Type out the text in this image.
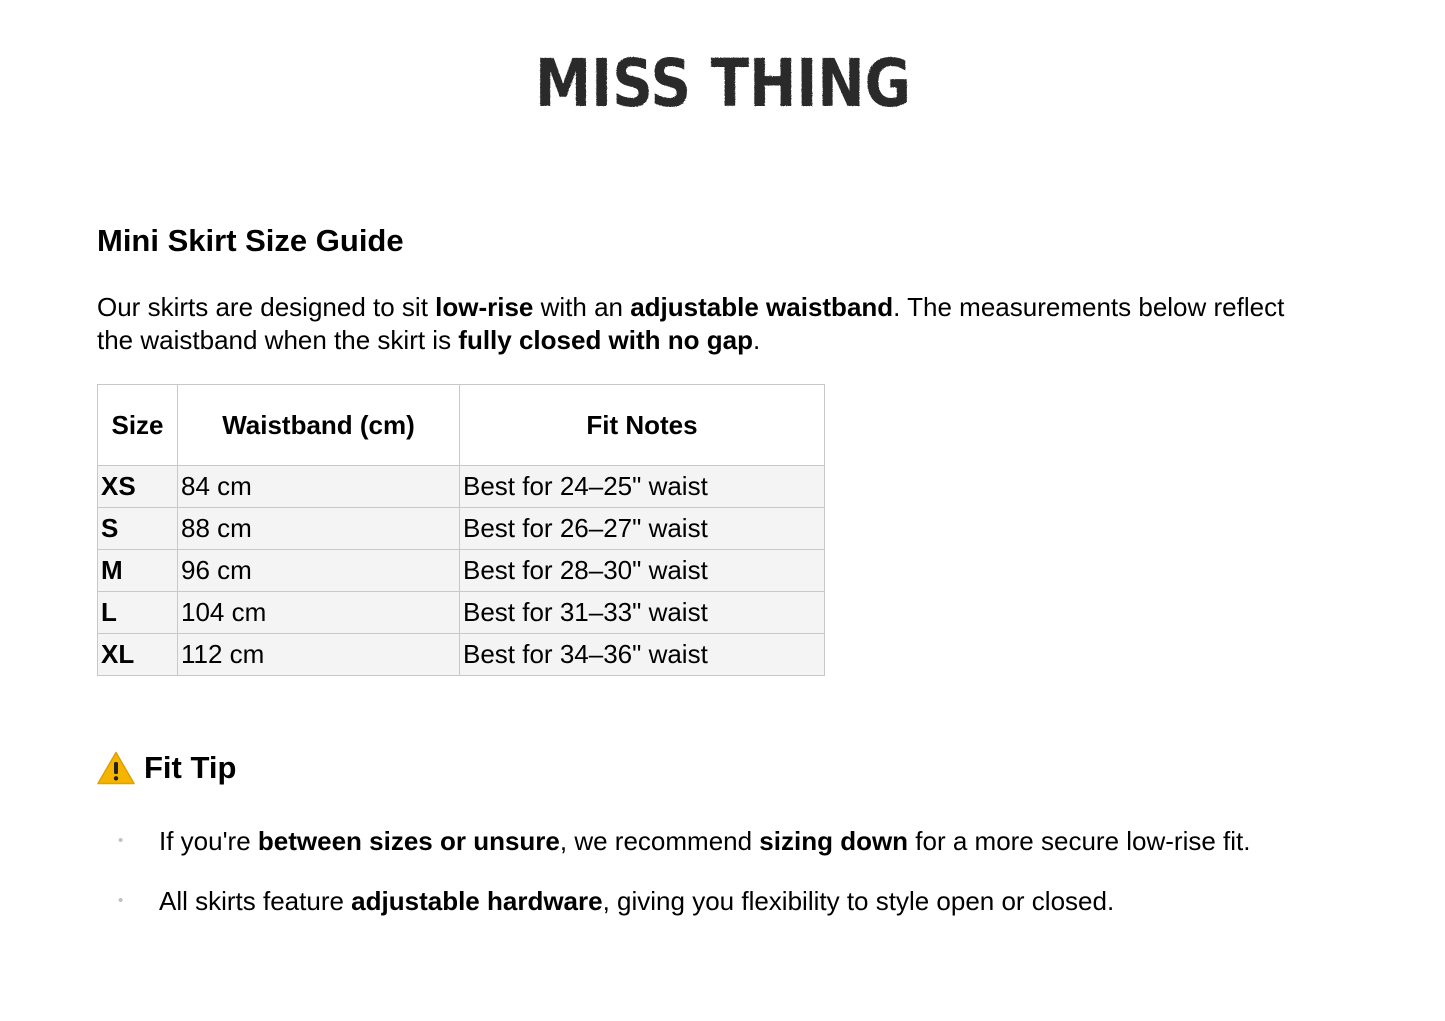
MISS THING
Mini Skirt Size Guide

Our skirts are designed to sit low-rise with an adjustable waistband. The measurements below reflect the waistband when the skirt is fully closed with no gap.

Size	Waistband (cm)	Fit Notes
XS	84 cm	Best for 24–25" waist
S	88 cm	Best for 26–27" waist
M	96 cm	Best for 28–30" waist
L	104 cm	Best for 31–33" waist
XL	112 cm	Best for 34–36" waist
Fit Tip
• If you're between sizes or unsure, we recommend sizing down for a more secure low-rise fit.
• All skirts feature adjustable hardware, giving you flexibility to style open or closed.
